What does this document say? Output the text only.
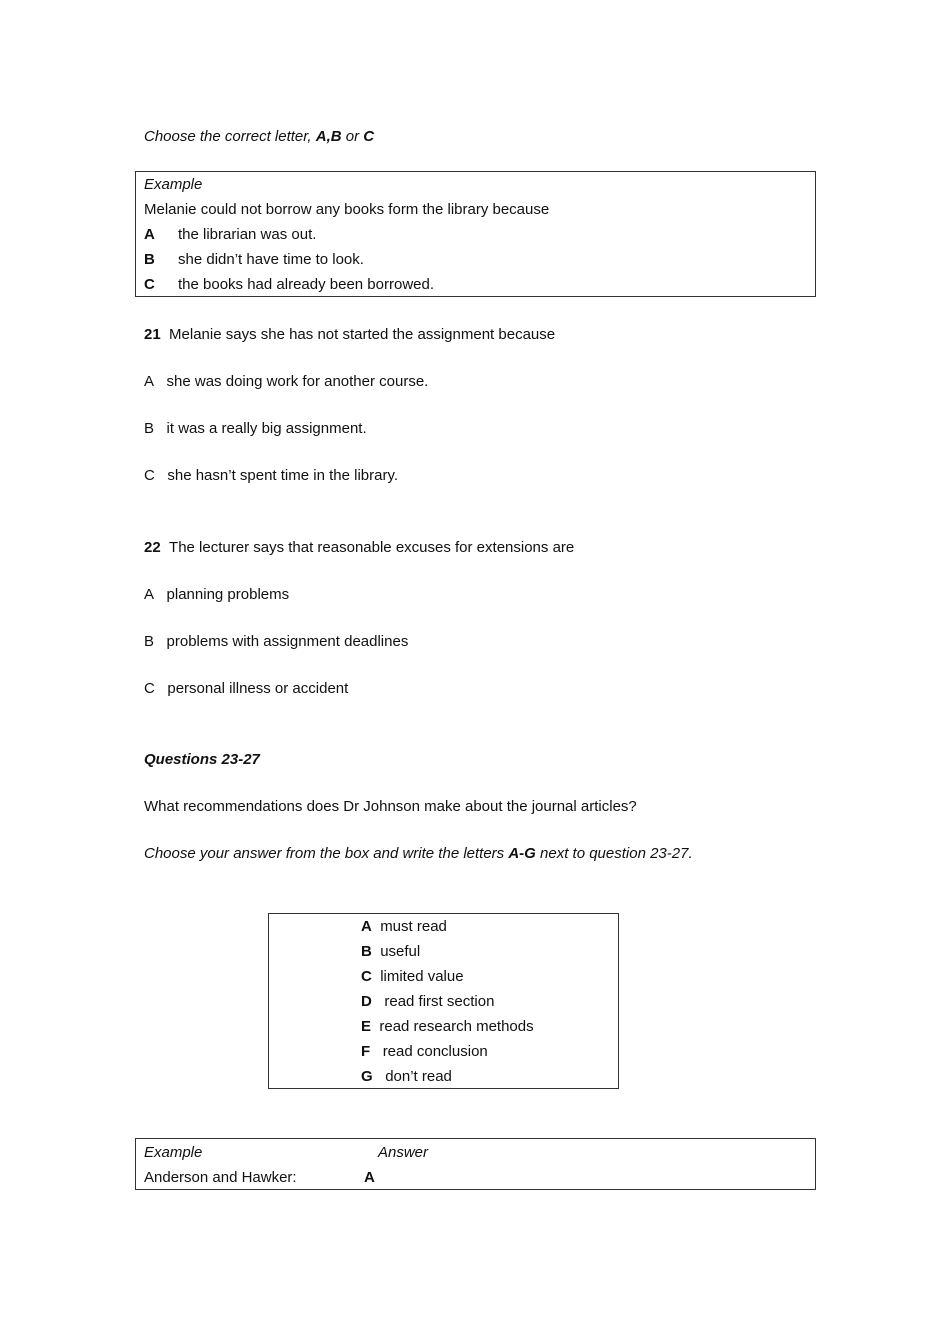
Choose the correct letter, A,B or C
Example
Melanie could not borrow any books form the library because
A the librarian was out.
B she didn’t have time to look.
C the books had already been borrowed.
21 Melanie says she has not started the assignment because
A she was doing work for another course.
B it was a really big assignment.
C she hasn’t spent time in the library.
22 The lecturer says that reasonable excuses for extensions are
A planning problems
B problems with assignment deadlines
C personal illness or accident
Questions 23-27
What recommendations does Dr Johnson make about the journal articles?
Choose your answer from the box and write the letters A-G next to question 23-27.
A must read
B useful
C limited value
D read first section
E read research methods
F read conclusion
G don’t read
Example	Answer
Anderson and Hawker:	A
